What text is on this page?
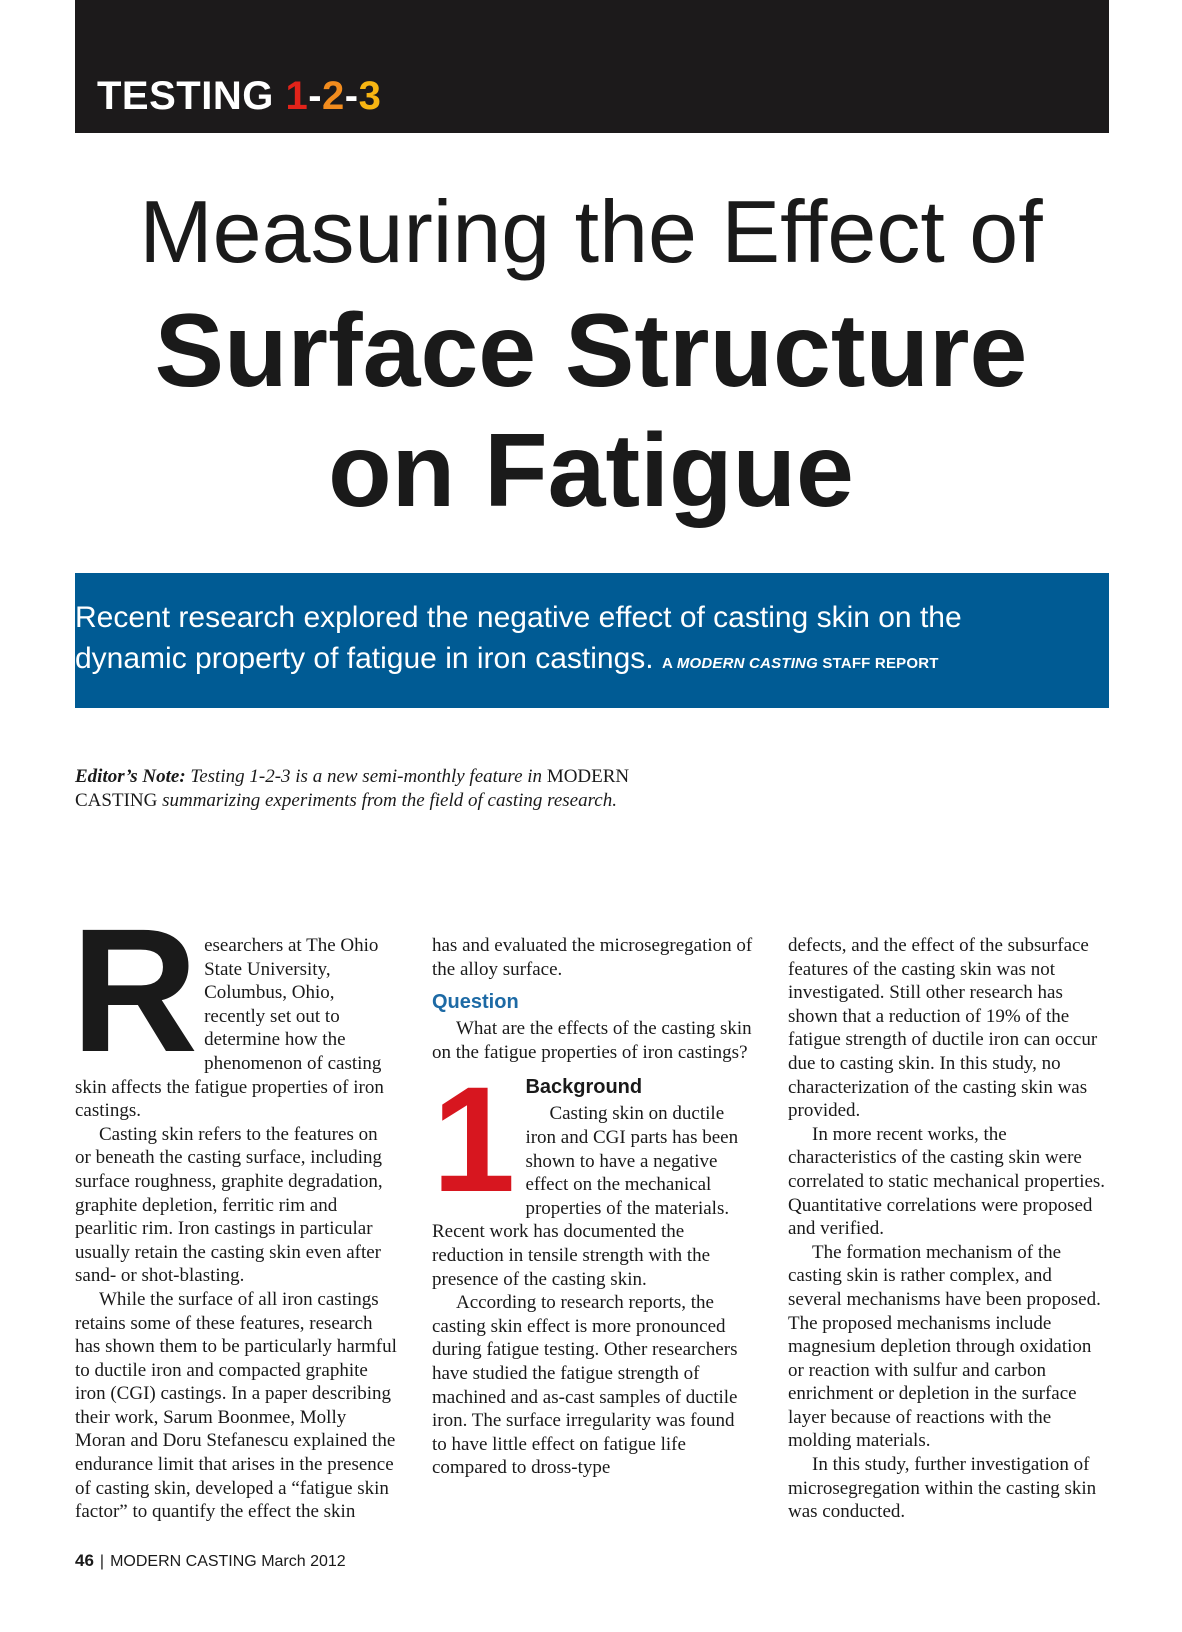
TESTING 1-2-3
Measuring the Effect of
Surface Structure
on Fatigue
Recent research explored the negative effect of casting skin on the dynamic property of fatigue in iron castings. A MODERN CASTING STAFF REPORT
Editor’s Note: Testing 1-2-3 is a new semi-monthly feature in MODERN CASTING summarizing experiments from the field of casting research.
R esearchers at The Ohio State University, Columbus, Ohio, recently set out to determine how the phenomenon of casting skin affects the fatigue properties of iron castings.

Casting skin refers to the features on or beneath the casting surface, including surface roughness, graphite degradation, graphite depletion, ferritic rim and pearlitic rim. Iron castings in particular usually retain the casting skin even after sand- or shot-blasting.

While the surface of all iron castings retains some of these features, research has shown them to be particularly harmful to ductile iron and compacted graphite iron (CGI) castings. In a paper describing their work, Sarum Boonmee, Molly Moran and Doru Stefanescu explained the endurance limit that arises in the presence of casting skin, developed a “fatigue skin factor” to quantify the effect the skin

has and evaluated the microsegregation of the alloy surface.

Question

What are the effects of the casting skin on the fatigue properties of iron castings?

1 Background

Casting skin on ductile iron and CGI parts has been shown to have a negative effect on the mechanical properties of the materials. Recent work has documented the reduction in tensile strength with the presence of the casting skin.

According to research reports, the casting skin effect is more pronounced during fatigue testing. Other researchers have studied the fatigue strength of machined and as-cast samples of ductile iron. The surface irregularity was found to have little effect on fatigue life compared to dross-type

defects, and the effect of the subsurface features of the casting skin was not investigated. Still other research has shown that a reduction of 19% of the fatigue strength of ductile iron can occur due to casting skin. In this study, no characterization of the casting skin was provided.

In more recent works, the characteristics of the casting skin were correlated to static mechanical properties. Quantitative correlations were proposed and verified.

The formation mechanism of the casting skin is rather complex, and several mechanisms have been proposed. The proposed mechanisms include magnesium depletion through oxidation or reaction with sulfur and carbon enrichment or depletion in the surface layer because of reactions with the molding materials.

In this study, further investigation of microsegregation within the casting skin was conducted.

46 | MODERN CASTING March 2012
